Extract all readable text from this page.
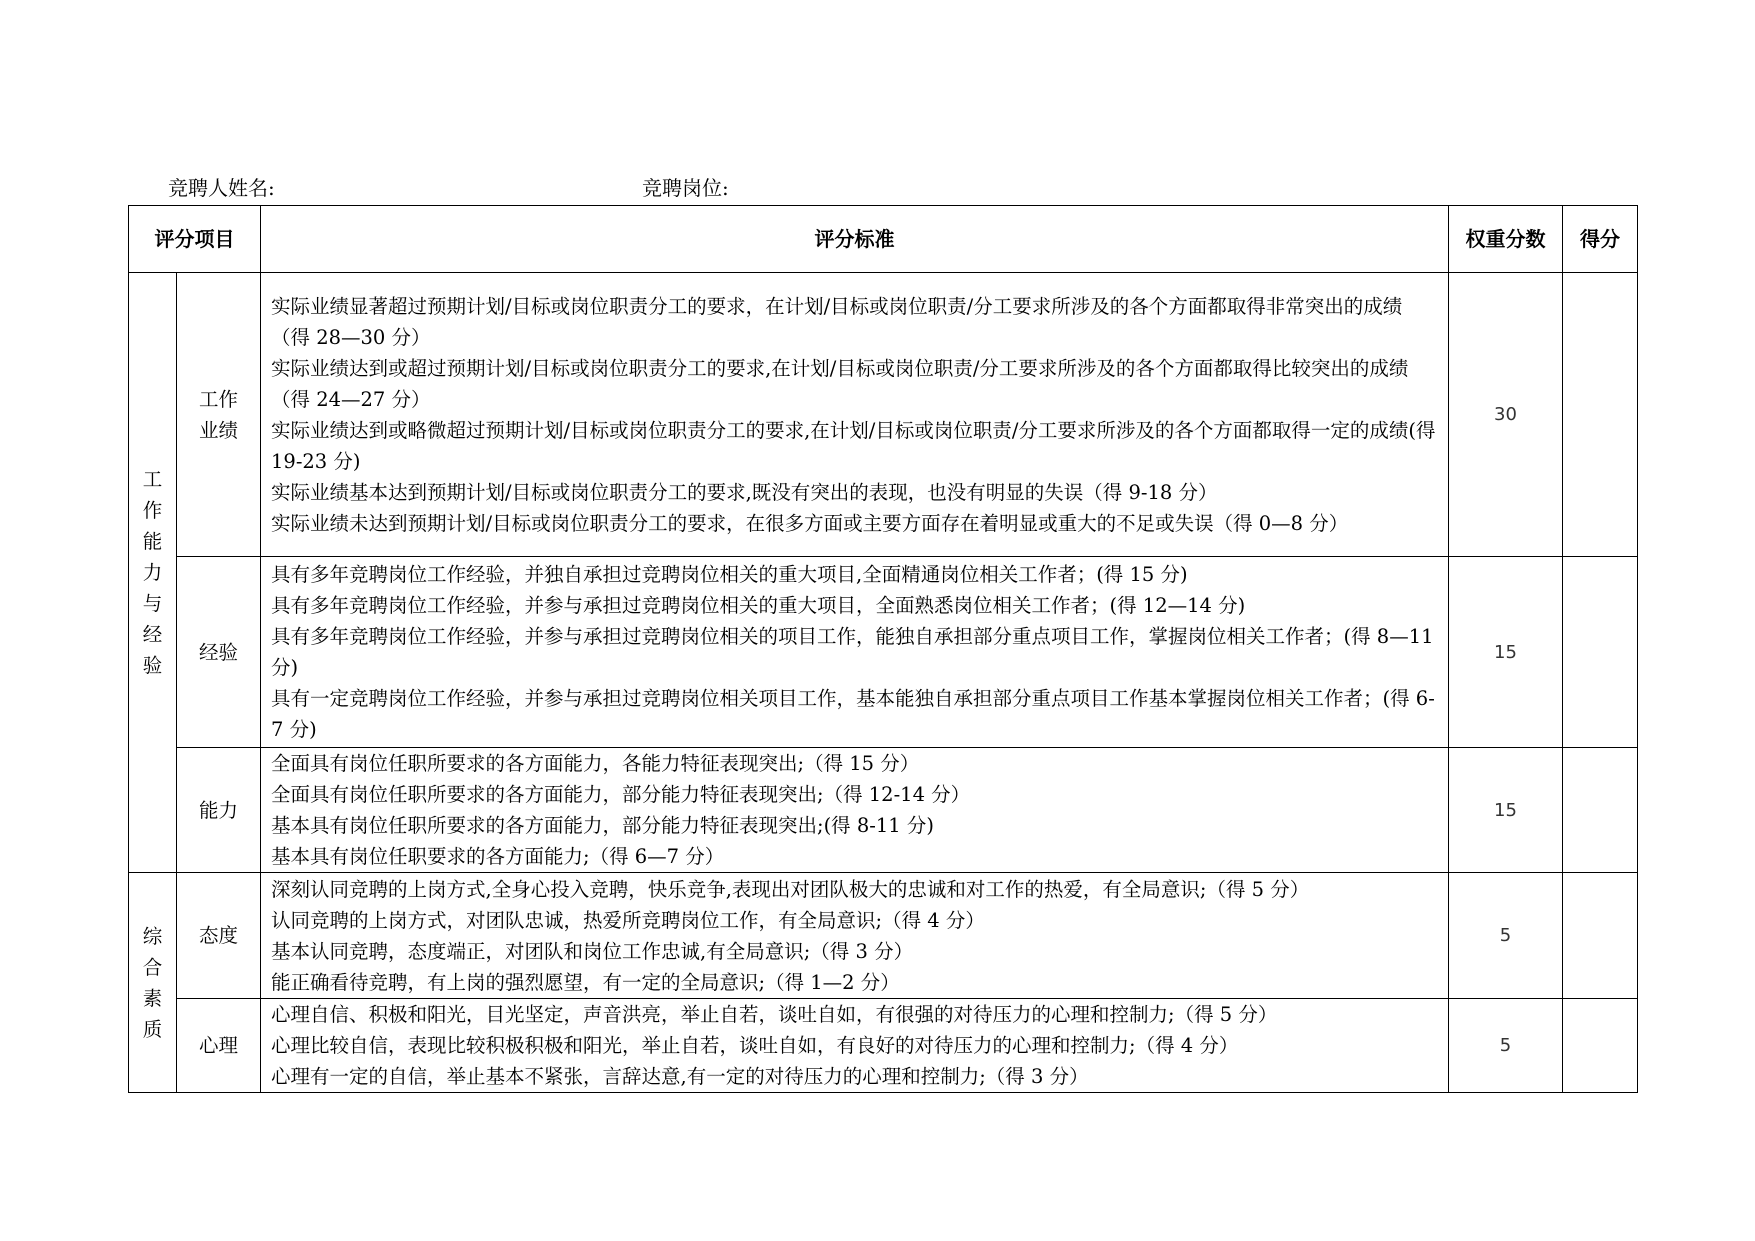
竞聘人姓名:	竞聘岗位:
评分项目		评分标准	权重分数	得分
工作能力与经验	工作业绩	实际业绩显著超过预期计划/目标或岗位职责分工的要求，在计划/目标或岗位职责/分工要求所涉及的各个方面都取得非常突出的成绩（得 28—30 分）
实际业绩达到或超过预期计划/目标或岗位职责分工的要求,在计划/目标或岗位职责/分工要求所涉及的各个方面都取得比较突出的成绩（得 24—27 分）
实际业绩达到或略微超过预期计划/目标或岗位职责分工的要求,在计划/目标或岗位职责/分工要求所涉及的各个方面都取得一定的成绩(得 19-23 分)
实际业绩基本达到预期计划/目标或岗位职责分工的要求,既没有突出的表现，也没有明显的失误（得 9-18 分）
实际业绩未达到预期计划/目标或岗位职责分工的要求，在很多方面或主要方面存在着明显或重大的不足或失误（得 0—8 分）	30	
	经验	具有多年竞聘岗位工作经验，并独自承担过竞聘岗位相关的重大项目,全面精通岗位相关工作者；(得 15 分)
具有多年竞聘岗位工作经验，并参与承担过竞聘岗位相关的重大项目，全面熟悉岗位相关工作者；(得 12—14 分)
具有多年竞聘岗位工作经验，并参与承担过竞聘岗位相关的项目工作，能独自承担部分重点项目工作，掌握岗位相关工作者；(得 8—11 分)
具有一定竞聘岗位工作经验，并参与承担过竞聘岗位相关项目工作，基本能独自承担部分重点项目工作基本掌握岗位相关工作者；(得 6-7 分)	15	
	能力	全面具有岗位任职所要求的各方面能力，各能力特征表现突出;（得 15 分）
全面具有岗位任职所要求的各方面能力，部分能力特征表现突出;（得 12-14 分）
基本具有岗位任职所要求的各方面能力，部分能力特征表现突出;(得 8-11 分)
基本具有岗位任职要求的各方面能力;（得 6—7 分）	15	
综合素质	态度	深刻认同竞聘的上岗方式,全身心投入竞聘，快乐竞争,表现出对团队极大的忠诚和对工作的热爱，有全局意识;（得 5 分）
认同竞聘的上岗方式，对团队忠诚，热爱所竞聘岗位工作，有全局意识;（得 4 分）
基本认同竞聘，态度端正，对团队和岗位工作忠诚,有全局意识;（得 3 分）
能正确看待竞聘，有上岗的强烈愿望，有一定的全局意识;（得 1—2 分）	5	
	心理	心理自信、积极和阳光，目光坚定，声音洪亮，举止自若，谈吐自如，有很强的对待压力的心理和控制力;（得 5 分）
心理比较自信，表现比较积极积极和阳光，举止自若，谈吐自如，有良好的对待压力的心理和控制力;（得 4 分）
心理有一定的自信，举止基本不紧张，言辞达意,有一定的对待压力的心理和控制力;（得 3 分）	5	
